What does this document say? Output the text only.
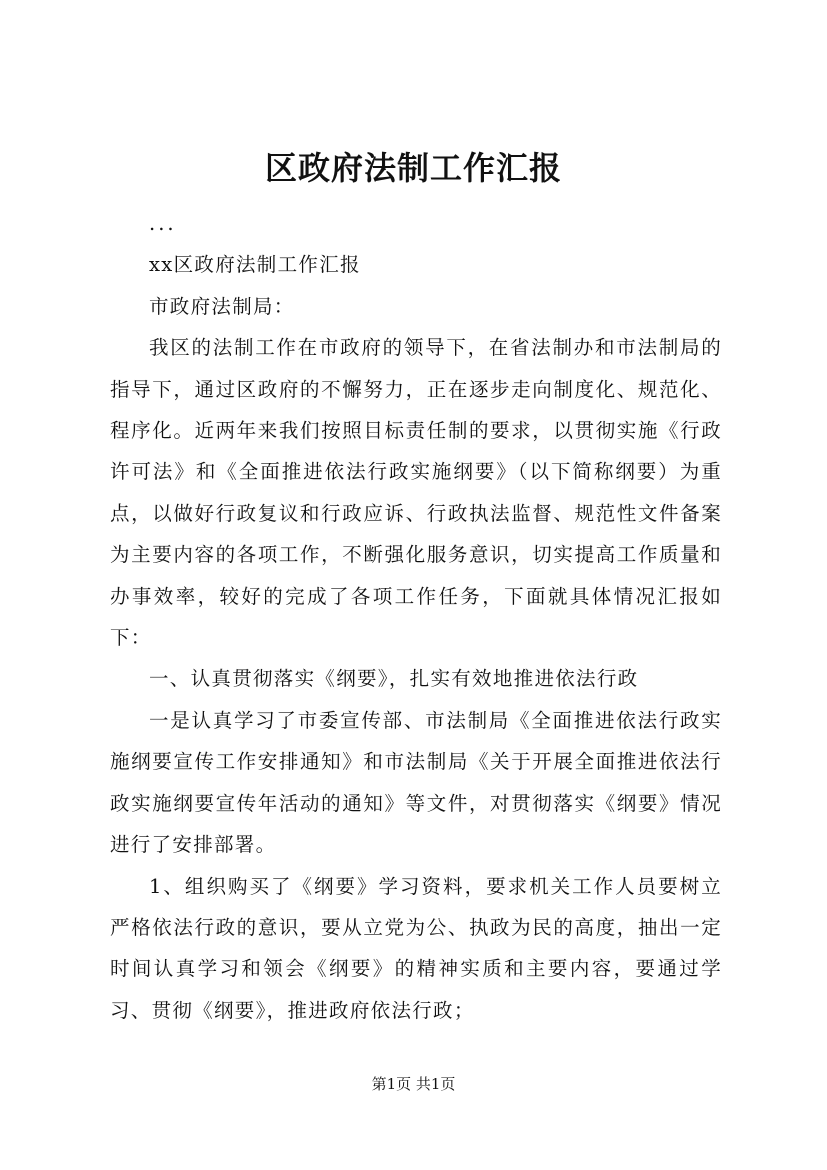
区政府法制工作汇报

...

xx区政府法制工作汇报

市政府法制局：

我区的法制工作在市政府的领导下，在省法制办和市法制局的指导下，通过区政府的不懈努力，正在逐步走向制度化、规范化、程序化。近两年来我们按照目标责任制的要求，以贯彻实施《行政许可法》和《全面推进依法行政实施纲要》（以下简称纲要）为重点，以做好行政复议和行政应诉、行政执法监督、规范性文件备案为主要内容的各项工作，不断强化服务意识，切实提高工作质量和办事效率，较好的完成了各项工作任务，下面就具体情况汇报如下：

一、认真贯彻落实《纲要》，扎实有效地推进依法行政

一是认真学习了市委宣传部、市法制局《全面推进依法行政实施纲要宣传工作安排通知》和市法制局《关于开展全面推进依法行政实施纲要宣传年活动的通知》等文件，对贯彻落实《纲要》情况进行了安排部署。

1、组织购买了《纲要》学习资料，要求机关工作人员要树立严格依法行政的意识，要从立党为公、执政为民的高度，抽出一定时间认真学习和领会《纲要》的精神实质和主要内容，要通过学习、贯彻《纲要》，推进政府依法行政；

第1页 共1页
